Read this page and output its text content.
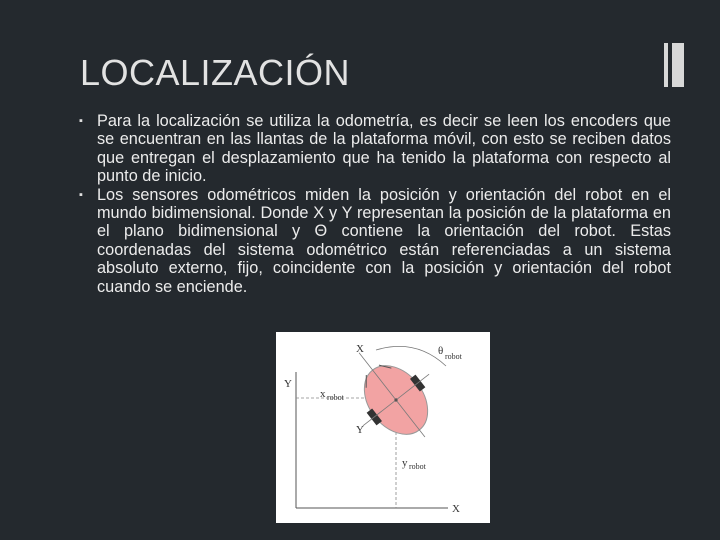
LOCALIZACIÓN

▪ Para la localización se utiliza la odometría, es decir se leen los encoders que se encuentran en las llantas de la plataforma móvil, con esto se reciben datos que entregan el desplazamiento que ha tenido la plataforma con respecto al punto de inicio.

▪ Los sensores odométricos miden la posición y orientación del robot en el mundo bidimensional. Donde X y Y representan la posición de la plataforma en el plano bidimensional y Θ contiene la orientación del robot. Estas coordenadas del sistema odométrico están referenciadas a un sistema absoluto externo, fijo, coincidente con la posición y orientación del robot cuando se enciende.

X	θ robot
Y
x robot
Y
y robot
X
